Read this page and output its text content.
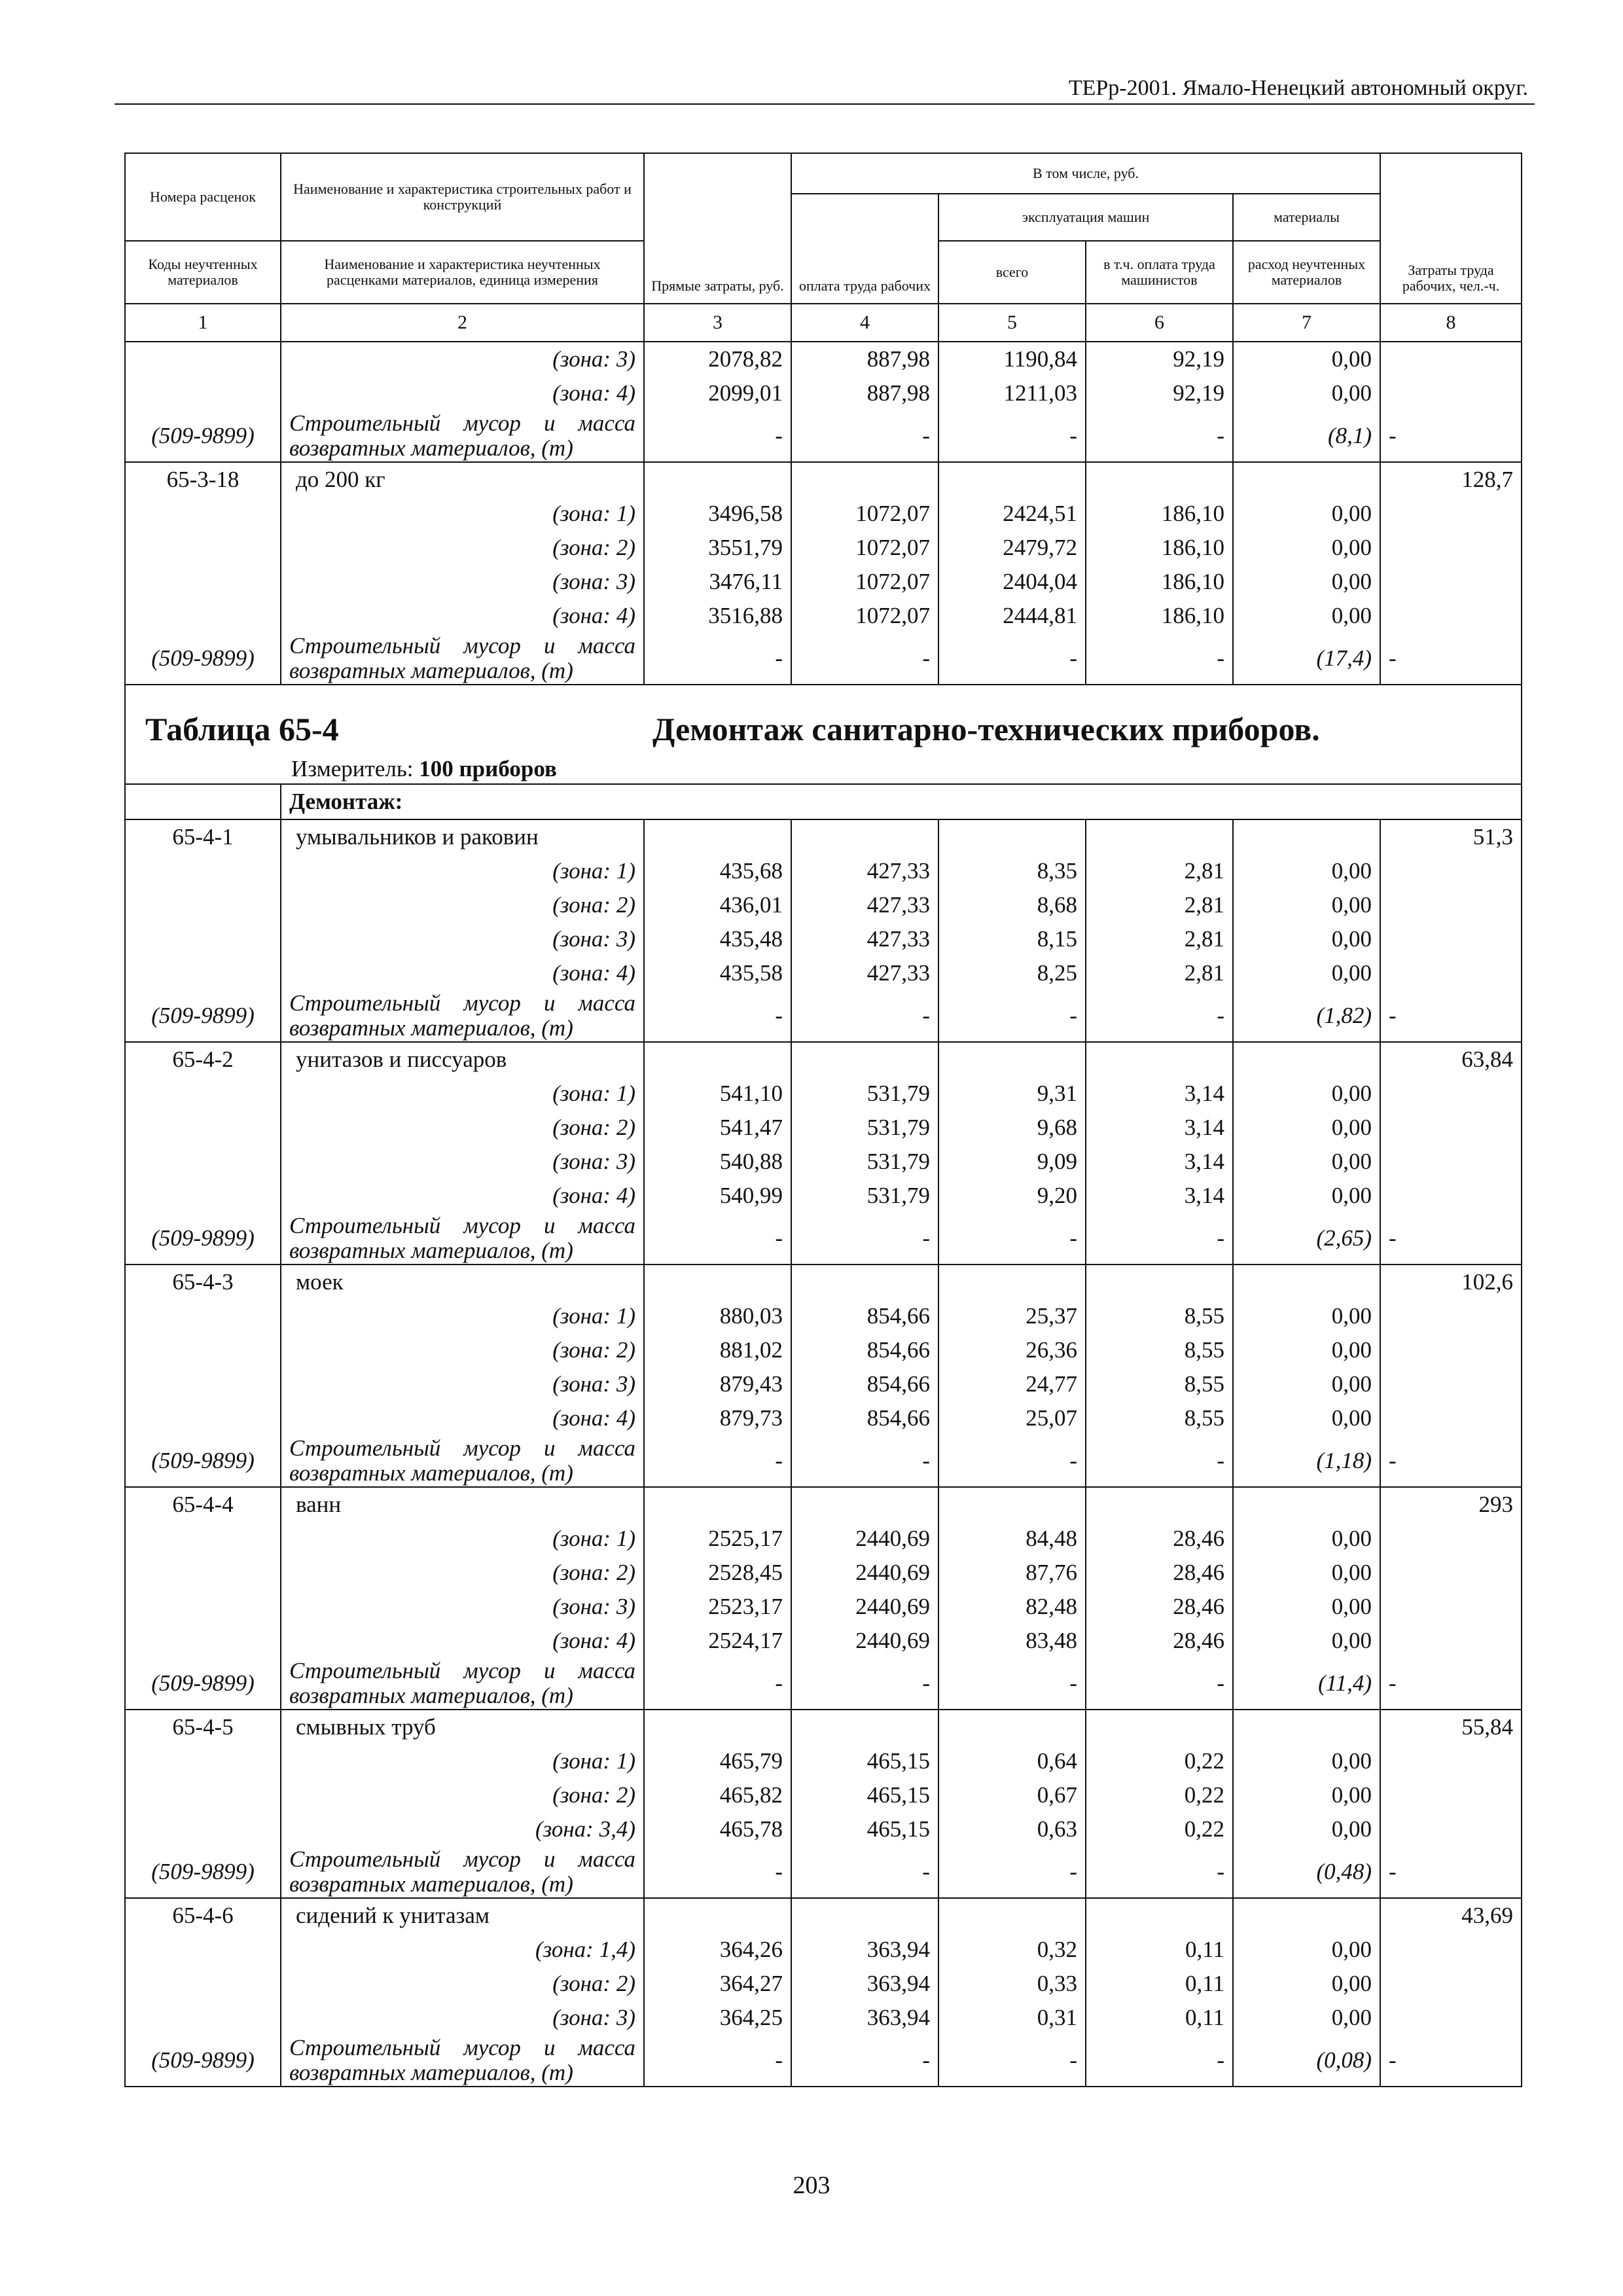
ТЕРр-2001. Ямало-Ненецкий автономный округ.
Номера расценок	Наименование и характеристика строительных работ и конструкций	Прямые затраты, руб.	В том числе, руб.				Затраты труда рабочих, чел.-ч.
			оплата труда рабочих	эксплуатация машин		материалы	
Коды неучтенных материалов	Наименование и характеристика неучтенных расценками материалов, единица измерения			всего	в т.ч. оплата труда машинистов	расход неучтенных материалов	
1	2	3	4	5	6	7	8
	(зона: 3)	2078,82	887,98	1190,84	92,19	0,00	
	(зона: 4)	2099,01	887,98	1211,03	92,19	0,00	
(509-9899)	Строительный мусор и масса возвратных материалов, (т)	-	-	-	-	(8,1)	-
65-3-18	до 200 кг						128,7
	(зона: 1)	3496,58	1072,07	2424,51	186,10	0,00	
	(зона: 2)	3551,79	1072,07	2479,72	186,10	0,00	
	(зона: 3)	3476,11	1072,07	2404,04	186,10	0,00	
	(зона: 4)	3516,88	1072,07	2444,81	186,10	0,00	
(509-9899)	Строительный мусор и масса возвратных материалов, (т)	-	-	-	-	(17,4)	-

Таблица 65-4 Демонтаж санитарно-технических приборов.
Измеритель: 100 приборов							

	Демонтаж:						
65-4-1	умывальников и раковин						51,3
	(зона: 1)	435,68	427,33	8,35	2,81	0,00	
	(зона: 2)	436,01	427,33	8,68	2,81	0,00	
	(зона: 3)	435,48	427,33	8,15	2,81	0,00	
	(зона: 4)	435,58	427,33	8,25	2,81	0,00	
(509-9899)	Строительный мусор и масса возвратных материалов, (т)	-	-	-	-	(1,82)	-
65-4-2	унитазов и писсуаров						63,84
	(зона: 1)	541,10	531,79	9,31	3,14	0,00	
	(зона: 2)	541,47	531,79	9,68	3,14	0,00	
	(зона: 3)	540,88	531,79	9,09	3,14	0,00	
	(зона: 4)	540,99	531,79	9,20	3,14	0,00	
(509-9899)	Строительный мусор и масса возвратных материалов, (т)	-	-	-	-	(2,65)	-
65-4-3	моек						102,6
	(зона: 1)	880,03	854,66	25,37	8,55	0,00	
	(зона: 2)	881,02	854,66	26,36	8,55	0,00	
	(зона: 3)	879,43	854,66	24,77	8,55	0,00	
	(зона: 4)	879,73	854,66	25,07	8,55	0,00	
(509-9899)	Строительный мусор и масса возвратных материалов, (т)	-	-	-	-	(1,18)	-
65-4-4	ванн						293
	(зона: 1)	2525,17	2440,69	84,48	28,46	0,00	
	(зона: 2)	2528,45	2440,69	87,76	28,46	0,00	
	(зона: 3)	2523,17	2440,69	82,48	28,46	0,00	
	(зона: 4)	2524,17	2440,69	83,48	28,46	0,00	
(509-9899)	Строительный мусор и масса возвратных материалов, (т)	-	-	-	-	(11,4)	-
65-4-5	смывных труб						55,84
	(зона: 1)	465,79	465,15	0,64	0,22	0,00	
	(зона: 2)	465,82	465,15	0,67	0,22	0,00	
	(зона: 3,4)	465,78	465,15	0,63	0,22	0,00	
(509-9899)	Строительный мусор и масса возвратных материалов, (т)	-	-	-	-	(0,48)	-
65-4-6	сидений к унитазам						43,69
	(зона: 1,4)	364,26	363,94	0,32	0,11	0,00	
	(зона: 2)	364,27	363,94	0,33	0,11	0,00	
	(зона: 3)	364,25	363,94	0,31	0,11	0,00	
(509-9899)	Строительный мусор и масса возвратных материалов, (т)	-	-	-	-	(0,08)	-
203
